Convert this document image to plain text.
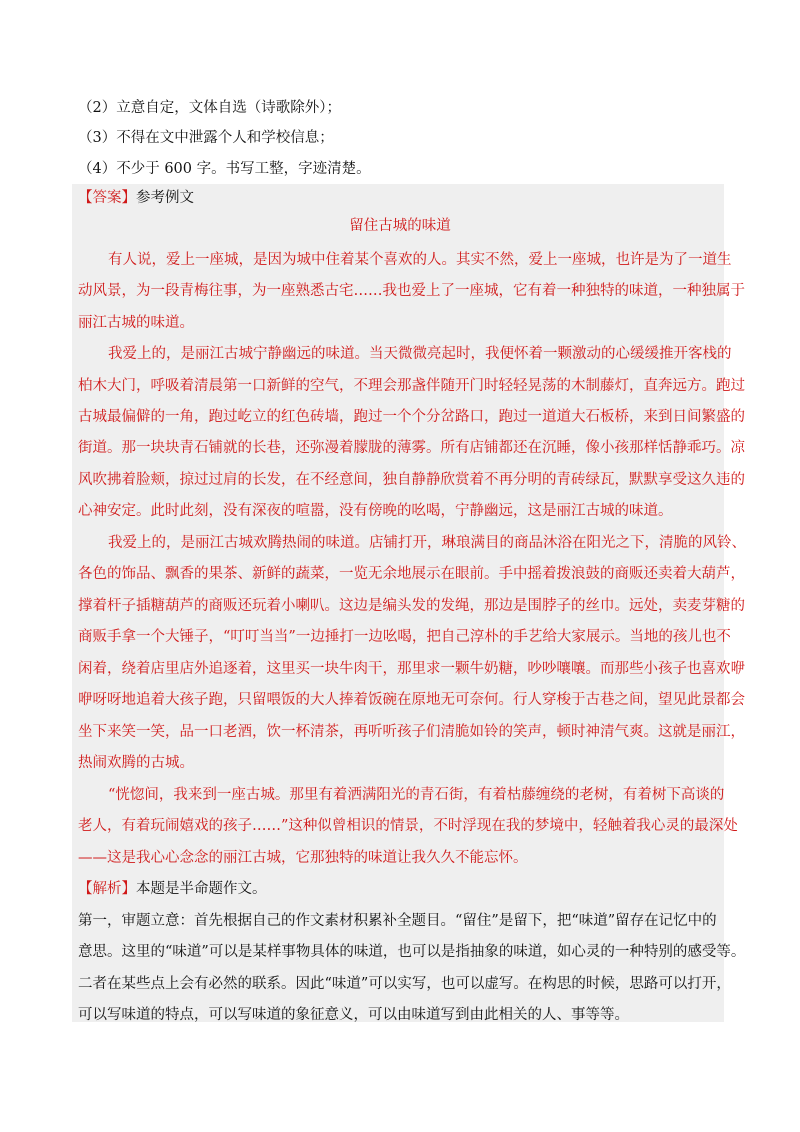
（2）立意自定，文体自选（诗歌除外）；
（3）不得在文中泄露个人和学校信息；
（4）不少于 600 字。书写工整，字迹清楚。
【答案】参考例文
留住古城的味道
有人说，爱上一座城，是因为城中住着某个喜欢的人。其实不然，爱上一座城，也许是为了一道生
动风景，为一段青梅往事，为一座熟悉古宅……我也爱上了一座城，它有着一种独特的味道，一种独属于
丽江古城的味道。
我爱上的，是丽江古城宁静幽远的味道。当天微微亮起时，我便怀着一颗激动的心缓缓推开客栈的
柏木大门，呼吸着清晨第一口新鲜的空气，不理会那盏伴随开门时轻轻晃荡的木制藤灯，直奔远方。跑过
古城最偏僻的一角，跑过屹立的红色砖墙，跑过一个个分岔路口，跑过一道道大石板桥，来到日间繁盛的
街道。那一块块青石铺就的长巷，还弥漫着朦胧的薄雾。所有店铺都还在沉睡，像小孩那样恬静乖巧。凉
风吹拂着脸颊，掠过过肩的长发，在不经意间，独自静静欣赏着不再分明的青砖绿瓦，默默享受这久违的
心神安定。此时此刻，没有深夜的喧嚣，没有傍晚的吆喝，宁静幽远，这是丽江古城的味道。
我爱上的，是丽江古城欢腾热闹的味道。店铺打开，琳琅满目的商品沐浴在阳光之下，清脆的风铃、
各色的饰品、飘香的果茶、新鲜的蔬菜，一览无余地展示在眼前。手中摇着拨浪鼓的商贩还卖着大葫芦，
撑着杆子插糖葫芦的商贩还玩着小喇叭。这边是编头发的发绳，那边是围脖子的丝巾。远处，卖麦芽糖的
商贩手拿一个大锤子，“叮叮当当”一边捶打一边吆喝，把自己淳朴的手艺给大家展示。当地的孩儿也不
闲着，绕着店里店外追逐着，这里买一块牛肉干，那里求一颗牛奶糖，吵吵嚷嚷。而那些小孩子也喜欢咿
咿呀呀地追着大孩子跑，只留喂饭的大人捧着饭碗在原地无可奈何。行人穿梭于古巷之间，望见此景都会
坐下来笑一笑，品一口老酒，饮一杯清茶，再听听孩子们清脆如铃的笑声，顿时神清气爽。这就是丽江，
热闹欢腾的古城。
“恍惚间，我来到一座古城。那里有着洒满阳光的青石街，有着枯藤缠绕的老树，有着树下高谈的
老人，有着玩闹嬉戏的孩子……”这种似曾相识的情景，不时浮现在我的梦境中，轻触着我心灵的最深处
——这是我心心念念的丽江古城，它那独特的味道让我久久不能忘怀。
【解析】本题是半命题作文。
第一，审题立意：首先根据自己的作文素材积累补全题目。“留住”是留下，把“味道”留存在记忆中的
意思。这里的“味道”可以是某样事物具体的味道，也可以是指抽象的味道，如心灵的一种特别的感受等。
二者在某些点上会有必然的联系。因此“味道”可以实写，也可以虚写。在构思的时候，思路可以打开，
可以写味道的特点，可以写味道的象征意义，可以由味道写到由此相关的人、事等等。
